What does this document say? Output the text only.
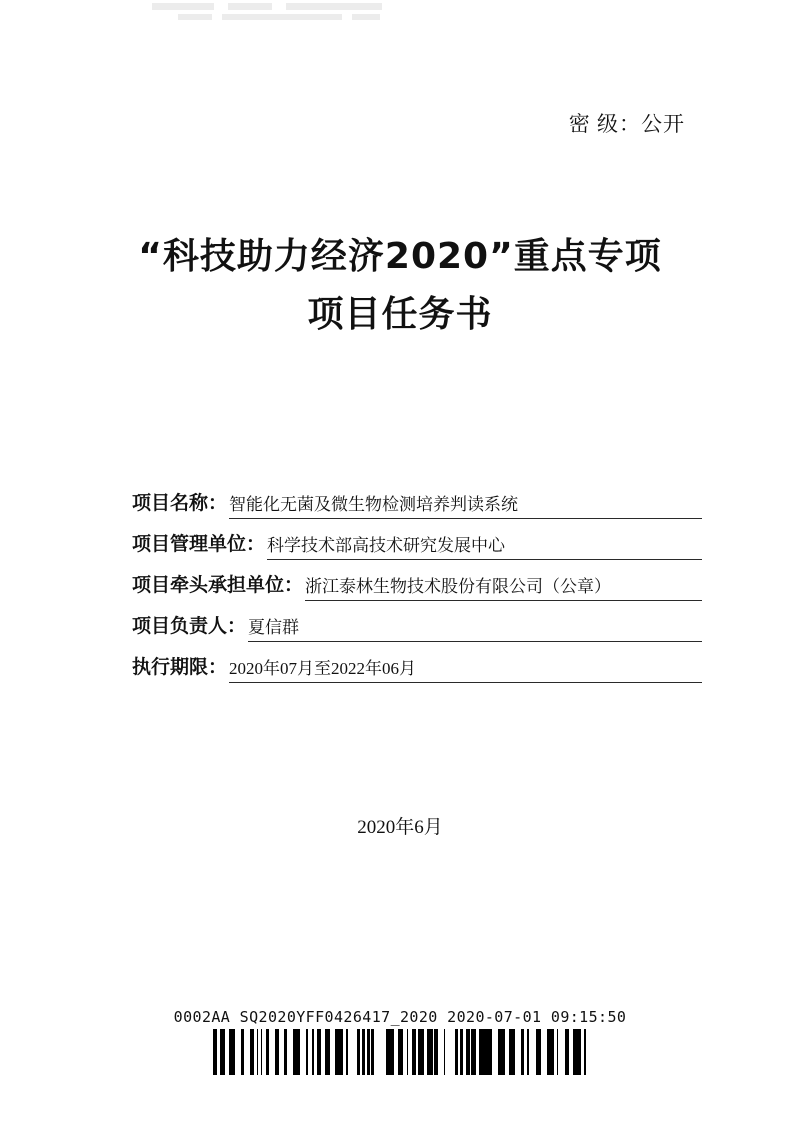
密 级：公开
“科技助力经济2020”重点专项
项目任务书
项目名称： 智能化无菌及微生物检测培养判读系统
项目管理单位： 科学技术部高技术研究发展中心
项目牵头承担单位： 浙江泰林生物技术股份有限公司（公章）
项目负责人： 夏信群
执行期限： 2020年07月至2022年06月
2020年6月
0002AA SQ2020YFF0426417_2020 2020-07-01 09:15:50
